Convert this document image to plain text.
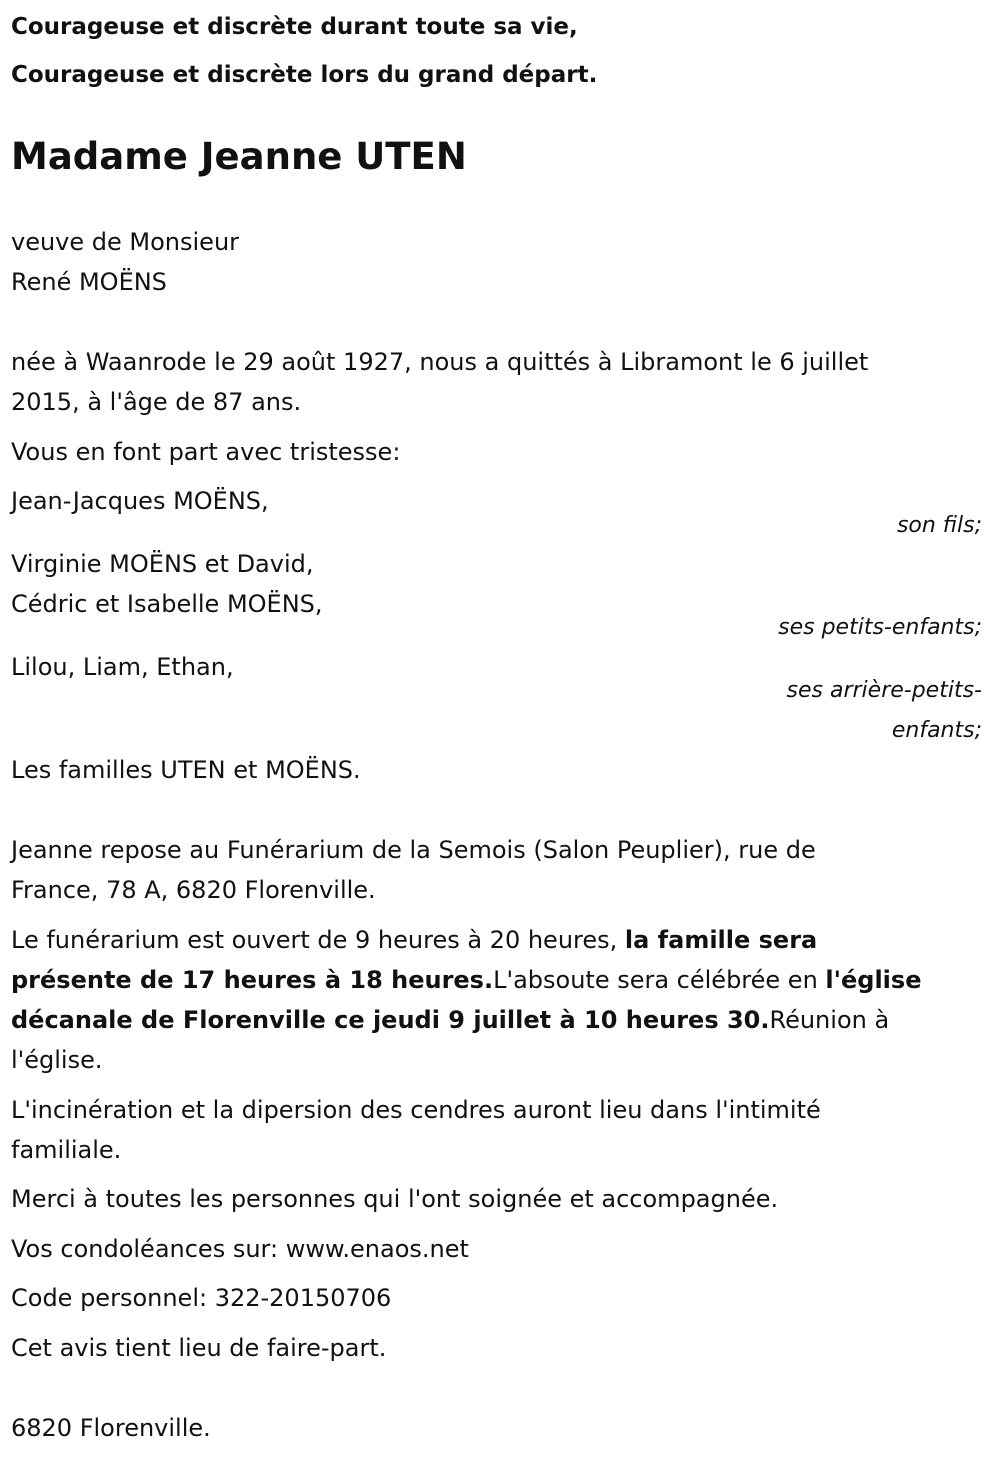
Courageuse et discrète durant toute sa vie,

Courageuse et discrète lors du grand départ.

Madame Jeanne UTEN

veuve de Monsieur

René MOËNS

née à Waanrode le 29 août 1927, nous a quittés à Libramont le 6 juillet

2015, à l'âge de 87 ans.

Vous en font part avec tristesse:

Jean-Jacques MOËNS,

son fils;

Virginie MOËNS et David,

Cédric et Isabelle MOËNS,

ses petits-enfants;

Lilou, Liam, Ethan,

ses arrière-petits-

enfants;

Les familles UTEN et MOËNS.

Jeanne repose au Funérarium de la Semois (Salon Peuplier), rue de

France, 78 A, 6820 Florenville.

Le funérarium est ouvert de 9 heures à 20 heures, la famille sera

présente de 17 heures à 18 heures.L'absoute sera célébrée en l'église

décanale de Florenville ce jeudi 9 juillet à 10 heures 30.Réunion à

l'église.

L'incinération et la dipersion des cendres auront lieu dans l'intimité

familiale.

Merci à toutes les personnes qui l'ont soignée et accompagnée.

Vos condoléances sur: www.enaos.net

Code personnel: 322-20150706

Cet avis tient lieu de faire-part.

6820 Florenville.
